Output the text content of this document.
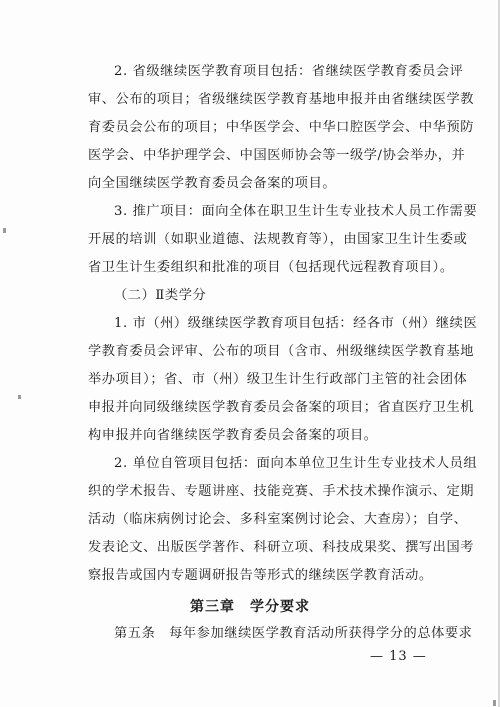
2. 省级继续医学教育项目包括：省继续医学教育委员会评
审、公布的项目；省级继续医学教育基地申报并由省继续医学教
育委员会公布的项目；中华医学会、中华口腔医学会、中华预防
医学会、中华护理学会、中国医师协会等一级学/协会举办，并
向全国继续医学教育委员会备案的项目。
3. 推广项目：面向全体在职卫生计生专业技术人员工作需要
开展的培训（如职业道德、法规教育等），由国家卫生计生委或
省卫生计生委组织和批准的项目（包括现代远程教育项目）。
（二）Ⅱ类学分
1. 市（州）级继续医学教育项目包括：经各市（州）继续医
学教育委员会评审、公布的项目（含市、州级继续医学教育基地
举办项目）；省、市（州）级卫生计生行政部门主管的社会团体
申报并向同级继续医学教育委员会备案的项目；省直医疗卫生机
构申报并向省继续医学教育委员会备案的项目。
2. 单位自管项目包括：面向本单位卫生计生专业技术人员组
织的学术报告、专题讲座、技能竞赛、手术技术操作演示、定期
活动（临床病例讨论会、多科室案例讨论会、大查房）；自学、
发表论文、出版医学著作、科研立项、科技成果奖、撰写出国考
察报告或国内专题调研报告等形式的继续医学教育活动。
第三章　学分要求
第五条　每年参加继续医学教育活动所获得学分的总体要求
— 13 —
